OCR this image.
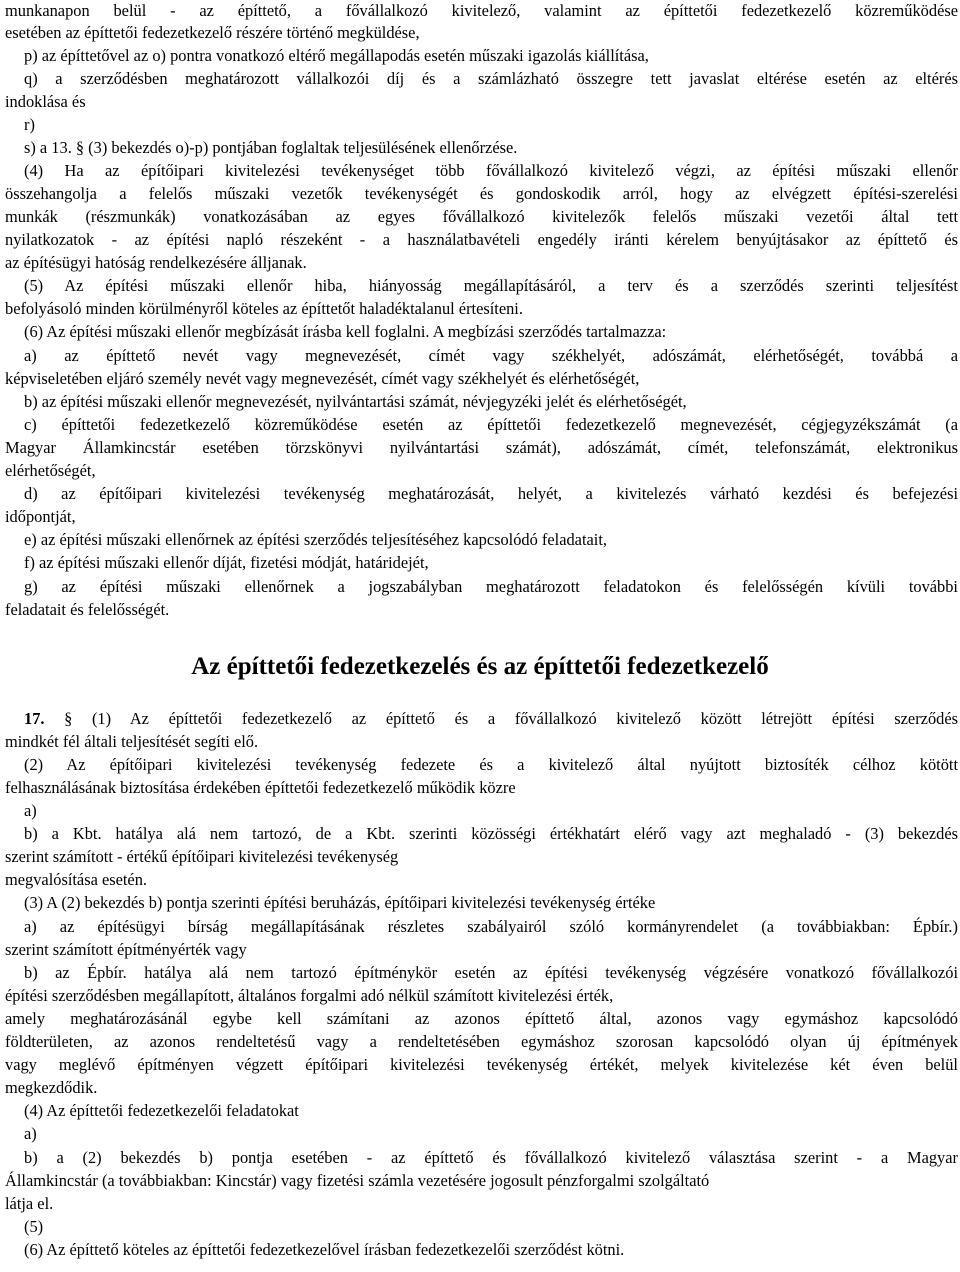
Az építtetői fedezetkezelés és az építtetői fedezetkezelő
munkanapon belül - az építtető, a fővállalkozó kivitelező, valamint az építtetői fedezetkezelő közreműködése
esetében az építtetői fedezetkezelő részére történő megküldése,
p) az építtetővel az o) pontra vonatkozó eltérő megállapodás esetén műszaki igazolás kiállítása,
q) a szerződésben meghatározott vállalkozói díj és a számlázható összegre tett javaslat eltérése esetén az eltérés
indoklása és
r)
s) a 13. § (3) bekezdés o)-p) pontjában foglaltak teljesülésének ellenőrzése.
(4) Ha az építőipari kivitelezési tevékenységet több fővállalkozó kivitelező végzi, az építési műszaki ellenőr
összehangolja a felelős műszaki vezetők tevékenységét és gondoskodik arról, hogy az elvégzett építési-szerelési
munkák (részmunkák) vonatkozásában az egyes fővállalkozó kivitelezők felelős műszaki vezetői által tett
nyilatkozatok - az építési napló részeként - a használatbavételi engedély iránti kérelem benyújtásakor az építtető és
az építésügyi hatóság rendelkezésére álljanak.
(5) Az építési műszaki ellenőr hiba, hiányosság megállapításáról, a terv és a szerződés szerinti teljesítést
befolyásoló minden körülményről köteles az építtetőt haladéktalanul értesíteni.
(6) Az építési műszaki ellenőr megbízását írásba kell foglalni. A megbízási szerződés tartalmazza:
a) az építtető nevét vagy megnevezését, címét vagy székhelyét, adószámát, elérhetőségét, továbbá a
képviseletében eljáró személy nevét vagy megnevezését, címét vagy székhelyét és elérhetőségét,
b) az építési műszaki ellenőr megnevezését, nyilvántartási számát, névjegyzéki jelét és elérhetőségét,
c) építtetői fedezetkezelő közreműködése esetén az építtetői fedezetkezelő megnevezését, cégjegyzékszámát (a
Magyar Államkincstár esetében törzskönyvi nyilvántartási számát), adószámát, címét, telefonszámát, elektronikus
elérhetőségét,
d) az építőipari kivitelezési tevékenység meghatározását, helyét, a kivitelezés várható kezdési és befejezési
időpontját,
e) az építési műszaki ellenőrnek az építési szerződés teljesítéséhez kapcsolódó feladatait,
f) az építési műszaki ellenőr díját, fizetési módját, határidejét,
g) az építési műszaki ellenőrnek a jogszabályban meghatározott feladatokon és felelősségén kívüli további
feladatait és felelősségét.
17. § (1) Az építtetői fedezetkezelő az építtető és a fővállalkozó kivitelező között létrejött építési szerződés
mindkét fél általi teljesítését segíti elő.
(2) Az építőipari kivitelezési tevékenység fedezete és a kivitelező által nyújtott biztosíték célhoz kötött
felhasználásának biztosítása érdekében építtetői fedezetkezelő működik közre
a)
b) a Kbt. hatálya alá nem tartozó, de a Kbt. szerinti közösségi értékhatárt elérő vagy azt meghaladó - (3) bekezdés
szerint számított - értékű építőipari kivitelezési tevékenység
megvalósítása esetén.
(3) A (2) bekezdés b) pontja szerinti építési beruházás, építőipari kivitelezési tevékenység értéke
a) az építésügyi bírság megállapításának részletes szabályairól szóló kormányrendelet (a továbbiakban: Épbír.)
szerint számított építményérték vagy
b) az Épbír. hatálya alá nem tartozó építménykör esetén az építési tevékenység végzésére vonatkozó fővállalkozói
építési szerződésben megállapított, általános forgalmi adó nélkül számított kivitelezési érték,
amely meghatározásánál egybe kell számítani az azonos építtető által, azonos vagy egymáshoz kapcsolódó
földterületen, az azonos rendeltetésű vagy a rendeltetésében egymáshoz szorosan kapcsolódó olyan új építmények
vagy meglévő építményen végzett építőipari kivitelezési tevékenység értékét, melyek kivitelezése két éven belül
megkezdődik.
(4) Az építtetői fedezetkezelői feladatokat
a)
b) a (2) bekezdés b) pontja esetében - az építtető és fővállalkozó kivitelező választása szerint - a Magyar
Államkincstár (a továbbiakban: Kincstár) vagy fizetési számla vezetésére jogosult pénzforgalmi szolgáltató
látja el.
(5)
(6) Az építtető köteles az építtetői fedezetkezelővel írásban fedezetkezelői szerződést kötni.
